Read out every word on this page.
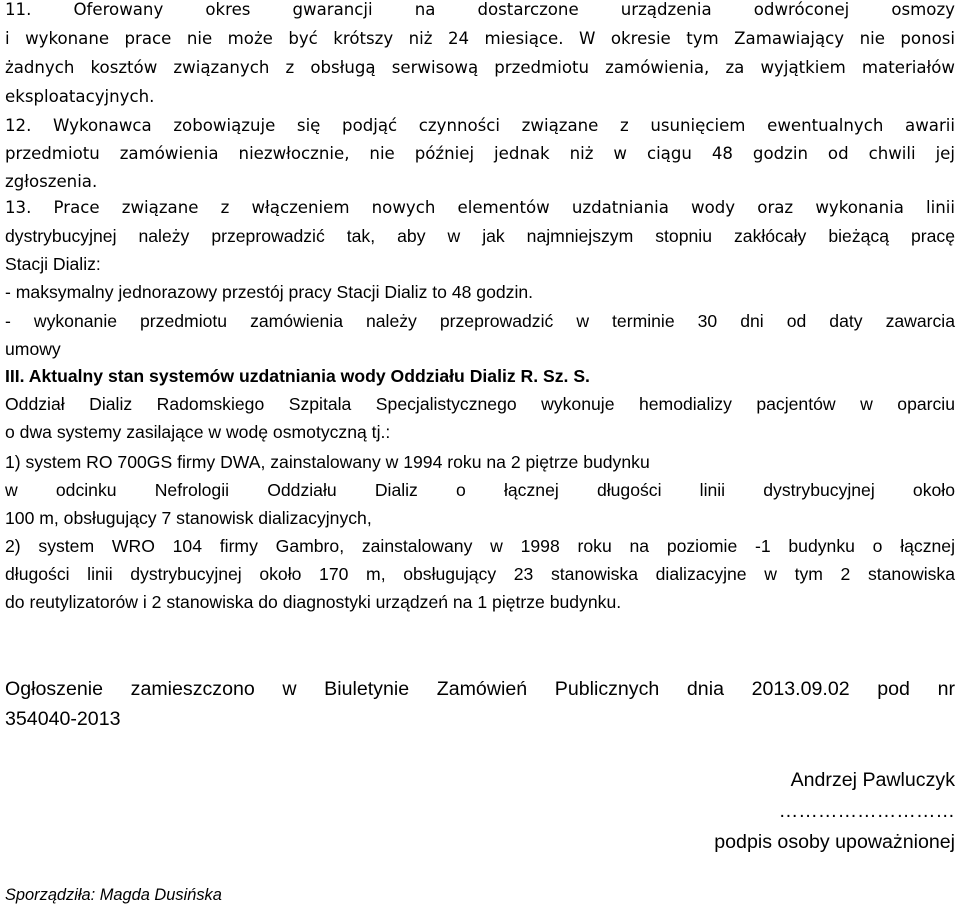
11. Oferowany okres gwarancji na dostarczone urządzenia odwróconej osmozy
i wykonane prace nie może być krótszy niż 24 miesiące. W okresie tym Zamawiający nie ponosi
żadnych kosztów związanych z obsługą serwisową przedmiotu zamówienia, za wyjątkiem materiałów
eksploatacyjnych.
12. Wykonawca zobowiązuje się podjąć czynności związane z usunięciem ewentualnych awarii
przedmiotu zamówienia niezwłocznie, nie później jednak niż w ciągu 48 godzin od chwili jej
zgłoszenia.
13. Prace związane z włączeniem nowych elementów uzdatniania wody oraz wykonania linii
dystrybucyjnej należy przeprowadzić tak, aby w jak najmniejszym stopniu zakłócały bieżącą pracę
Stacji Dializ:
- maksymalny jednorazowy przestój pracy Stacji Dializ to 48 godzin.
- wykonanie przedmiotu zamówienia należy przeprowadzić w terminie 30 dni od daty zawarcia
umowy
III. Aktualny stan systemów uzdatniania wody Oddziału Dializ R. Sz. S.
Oddział Dializ Radomskiego Szpitala Specjalistycznego wykonuje hemodializy pacjentów w oparciu
o dwa systemy zasilające w wodę osmotyczną tj.:
1) system RO 700GS firmy DWA, zainstalowany w 1994 roku na 2 piętrze budynku
w odcinku Nefrologii Oddziału Dializ o łącznej długości linii dystrybucyjnej około
100 m, obsługujący 7 stanowisk dializacyjnych,
2) system WRO 104 firmy Gambro, zainstalowany w 1998 roku na poziomie -1 budynku o łącznej
długości linii dystrybucyjnej około 170 m, obsługujący 23 stanowiska dializacyjne w tym 2 stanowiska
do reutylizatorów i 2 stanowiska do diagnostyki urządzeń na 1 piętrze budynku.
Ogłoszenie zamieszczono w Biuletynie Zamówień Publicznych dnia 2013.09.02 pod nr
354040-2013
Andrzej Pawluczyk
………………………
podpis osoby upoważnionej
Sporządziła: Magda Dusińska
